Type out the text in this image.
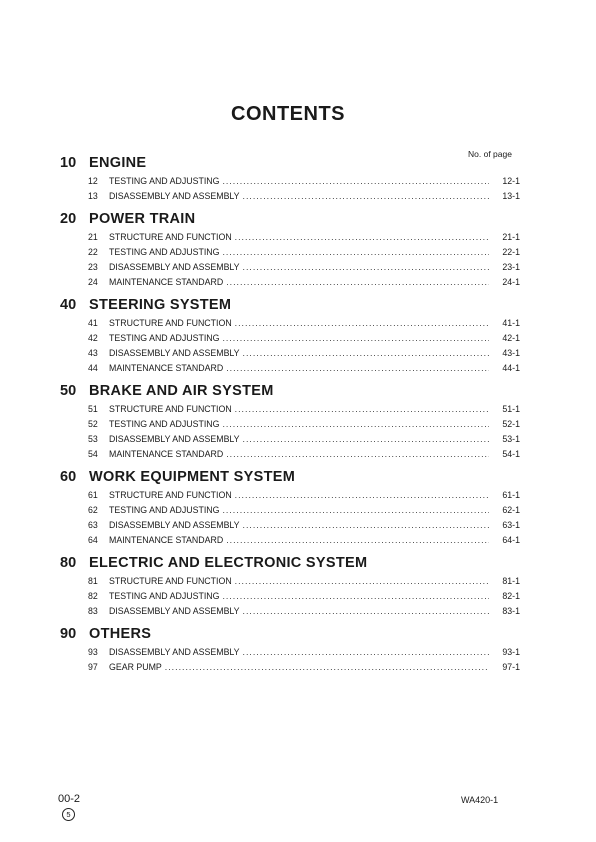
CONTENTS
No. of page
10 ENGINE
12	TESTING AND ADJUSTING .....	12-1
13	DISASSEMBLY AND ASSEMBLY .....	13-1
20 POWER TRAIN
21	STRUCTURE AND FUNCTION .....	21-1
22	TESTING AND ADJUSTING .....	22-1
23	DISASSEMBLY AND ASSEMBLY .....	23-1
24	MAINTENANCE STANDARD .....	24-1
40 STEERING SYSTEM
41	STRUCTURE AND FUNCTION .....	41-1
42	TESTING AND ADJUSTING .....	42-1
43	DISASSEMBLY AND ASSEMBLY .....	43-1
44	MAINTENANCE STANDARD .....	44-1
50 BRAKE AND AIR SYSTEM
51	STRUCTURE AND FUNCTION .....	51-1
52	TESTING AND ADJUSTING .....	52-1
53	DISASSEMBLY AND ASSEMBLY .....	53-1
54	MAINTENANCE STANDARD .....	54-1
60 WORK EQUIPMENT SYSTEM
61	STRUCTURE AND FUNCTION .....	61-1
62	TESTING AND ADJUSTING .....	62-1
63	DISASSEMBLY AND ASSEMBLY .....	63-1
64	MAINTENANCE STANDARD .....	64-1
80 ELECTRIC AND ELECTRONIC SYSTEM
81	STRUCTURE AND FUNCTION .....	81-1
82	TESTING AND ADJUSTING .....	82-1
83	DISASSEMBLY AND ASSEMBLY .....	83-1
90 OTHERS
93	DISASSEMBLY AND ASSEMBLY .....	93-1
97	GEAR PUMP .....	97-1
00-2
5
WA420-1
